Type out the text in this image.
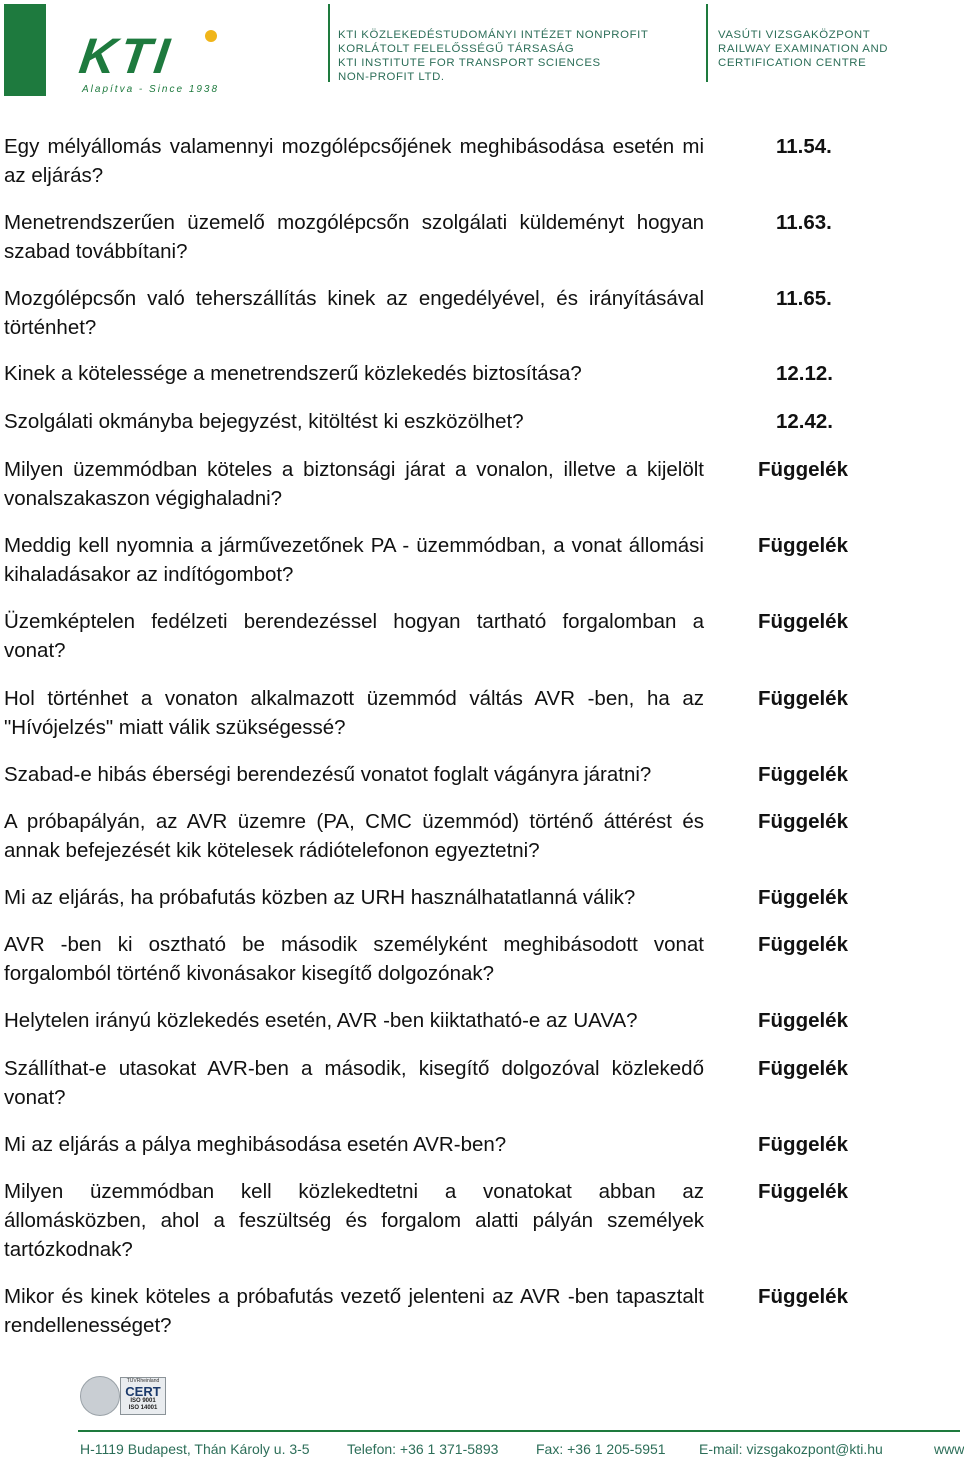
KTI
Alapítva - Since 1938
KTI KÖZLEKEDÉSTUDOMÁNYI INTÉZET NONPROFIT
KORLÁTOLT FELELŐSSÉGŰ TÁRSASÁG
KTI INSTITUTE FOR TRANSPORT SCIENCES
NON-PROFIT LTD.
VASÚTI VIZSGAKÖZPONT
RAILWAY EXAMINATION AND
CERTIFICATION CENTRE
Egy mélyállomás valamennyi mozgólépcsőjének meghibásodása esetén mi az eljárás?
11.54.
Menetrendszerűen üzemelő mozgólépcsőn szolgálati küldeményt hogyan szabad továbbítani?
11.63.
Mozgólépcsőn való teherszállítás kinek az engedélyével, és irányításával történhet?
11.65.
Kinek a kötelessége a menetrendszerű közlekedés biztosítása?	12.12.
Szolgálati okmányba bejegyzést, kitöltést ki eszközölhet?	12.42.
Milyen üzemmódban köteles a biztonsági járat a vonalon, illetve a kijelölt vonalszakaszon végighaladni?
Függelék
Meddig kell nyomnia a járművezetőnek PA - üzemmódban, a vonat állomási kihaladásakor az indítógombot?
Függelék
Üzemképtelen fedélzeti berendezéssel hogyan tartható forgalomban a vonat?
Függelék
Hol történhet a vonaton alkalmazott üzemmód váltás AVR -ben, ha az "Hívójelzés" miatt válik szükségessé?
Függelék
Szabad-e hibás éberségi berendezésű vonatot foglalt vágányra járatni?	Függelék
A próbapályán, az AVR üzemre (PA, CMC üzemmód) történő áttérést és annak befejezését kik kötelesek rádiótelefonon egyeztetni?
Függelék
Mi az eljárás, ha próbafutás közben az URH használhatatlanná válik?	Függelék
AVR -ben ki osztható be második személyként meghibásodott vonat forgalomból történő kivonásakor kisegítő dolgozónak?
Függelék
Helytelen irányú közlekedés esetén, AVR -ben kiiktatható-e az UAVA?	Függelék
Szállíthat-e utasokat AVR-ben a második, kisegítő dolgozóval közlekedő vonat?
Függelék
Mi az eljárás a pálya meghibásodása esetén AVR-ben?	Függelék
Milyen üzemmódban kell közlekedtetni a vonatokat abban az állomásközben, ahol a feszültség és forgalom alatti pályán személyek tartózkodnak?
Függelék
Mikor és kinek köteles a próbafutás vezető jelenteni az AVR -ben tapasztalt rendellenességet?
Függelék
TÜVRheinland
CERT
ISO 9001
ISO 14001
H-1119 Budapest, Thán Károly u. 3-5	Telefon: +36 1 371-5893	Fax: +36 1 205-5951 E-mail: vizsgakozpont@kti.hu	www
